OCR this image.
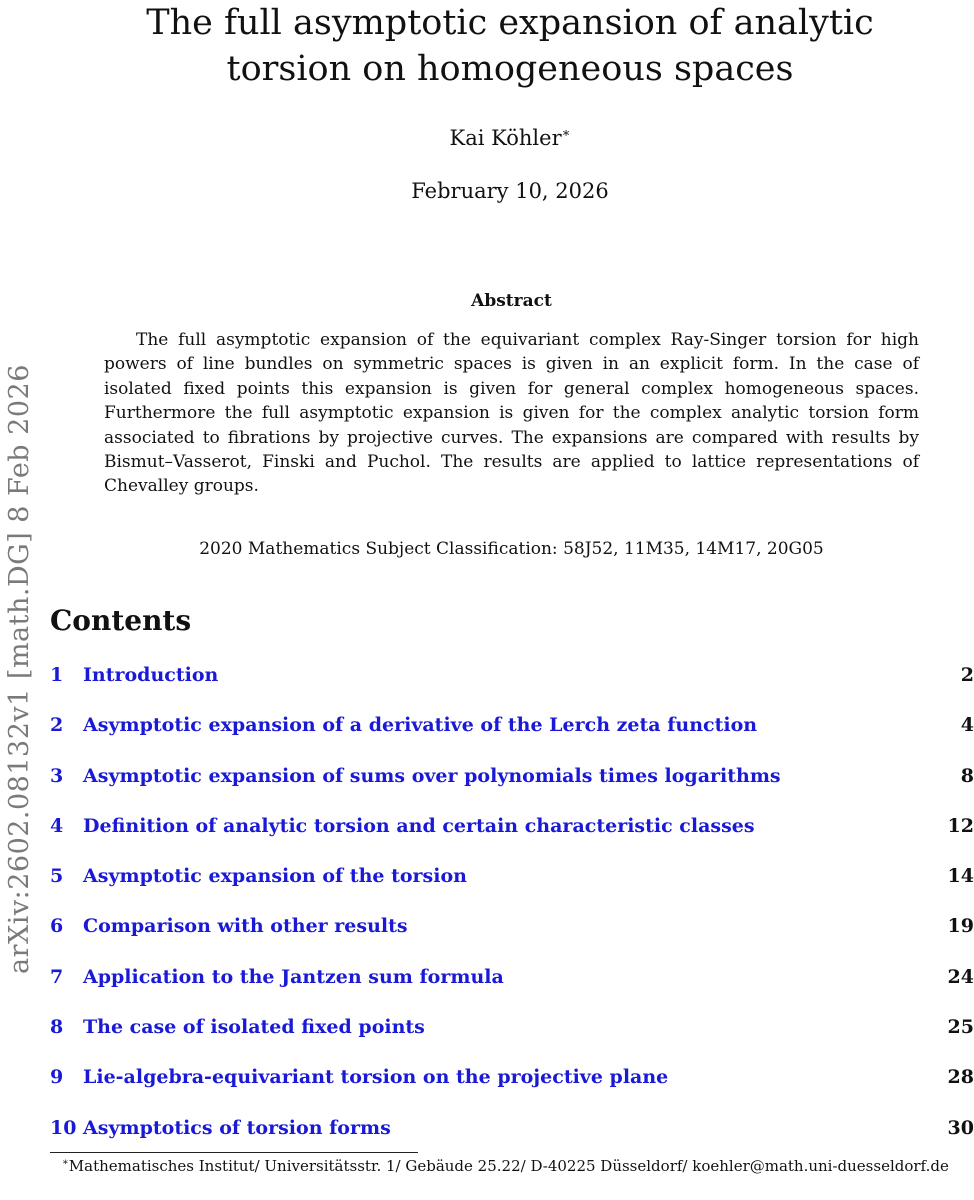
The full asymptotic expansion of analytic torsion on homogeneous spaces
Kai Köhler∗
February 10, 2026
arXiv:2602.08132v1 [math.DG] 8 Feb 2026
Abstract

The full asymptotic expansion of the equivariant complex Ray-Singer torsion for high powers of line bundles on symmetric spaces is given in an explicit form. In the case of isolated fixed points this expansion is given for general complex homogeneous spaces. Furthermore the full asymptotic expansion is given for the complex analytic torsion form associated to fibrations by projective curves. The expansions are compared with results by Bismut–Vasserot, Finski and Puchol. The results are applied to lattice representations of Chevalley groups.

2020 Mathematics Subject Classification: 58J52, 11M35, 14M17, 20G05
Contents
1 Introduction	2
2 Asymptotic expansion of a derivative of the Lerch zeta function	4
3 Asymptotic expansion of sums over polynomials times logarithms	8
4 Definition of analytic torsion and certain characteristic classes	12
5 Asymptotic expansion of the torsion	14
6 Comparison with other results	19
7 Application to the Jantzen sum formula	24
8 The case of isolated fixed points	25
9 Lie-algebra-equivariant torsion on the projective plane	28
10 Asymptotics of torsion forms	30

∗Mathematisches Institut/ Universitätsstr. 1/ Gebäude 25.22/ D-40225 Düsseldorf/ koehler@math.uni-duesseldorf.de
